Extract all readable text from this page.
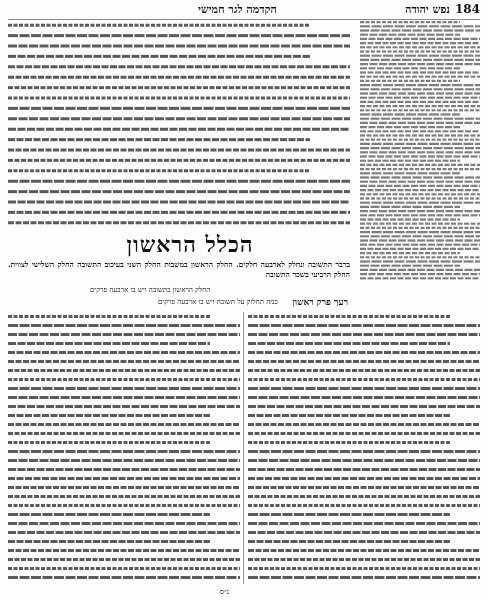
184
נפש יהודה
הקדמה לגר חמישי
הכלל הראשון
ברבר התשובה ונחלק לארבעה חלקים. החלק הראשון במשבות החלק השני בעיכוב התשובה החלק השלישי לצווית. החלק הרביעי בשכר התשובה
החלק הראשון בתשובה ויש בו ארבעה פרקים
רעך פרק ראשון
כמה תחלוק על תשובה ויש בו ארבעה פרקים
נ״ס
